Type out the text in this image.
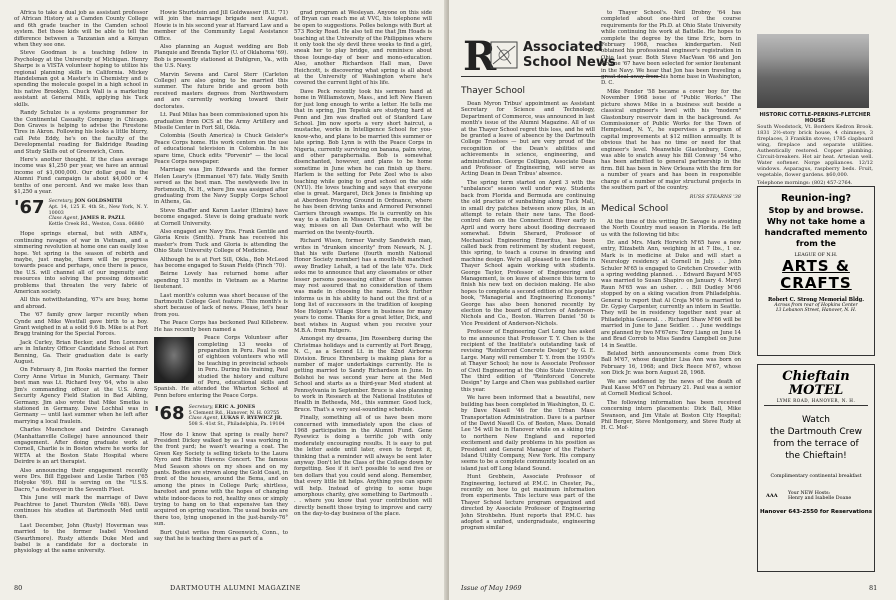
Africa to take a dual job as assistant professor of African History at a Camden County College and 6th grade teacher in the Camden school system. Bet those kids will be able to tell the difference between a Tanzanian and a Kenyan when they see one.

Steve Goodman is a teaching fellow in Psychology at the University of Michigan. Henry Sharpe is a VISTA volunteer hoping to utilize his regional planning skills in California. Mickey Handelsman got a Master's in Chemistry and is spending the molecule gospel in a high school in his native Brooklyn. Chuck Wall is a marketing assistant at General Mills, applying his Tuck skills.

Randy Schulze is a systems programmer for the Continental Casualty Company in Chicago. Don Graves is helping to advise the Firestone Tires in Akron. Following his looks a little blurry, call Pete Eddy, he's on the faculty of the Developmental reading for Baldridge Reading and Study Skills out of Greenwich, Conn.

Here's another thought. If the class average income was $1,250 per year, we have an annual income of $1,000,000. Our dollar goal in the Alumni Fund campaign is about $4,000 or 4 tenths of one percent. And we make less than $1,250 a year.

'67 Secretary, JON GOLDSMITH
Apt. 14, 125 E. 4th St., New York, N. Y. 10003
Class Agent, JAMES R. PAZLL
Kettle Creek Rd., Weston, Conn. 06880

Hope springs eternal, but with ABM's, continuing ravages of war in Vietnam, and a simmering revolution at home one can easily lose hope. Yet spring is the season of rebirth and maybe, just maybe, there will be progress towards peace and perhaps, once there is peace, the U.S. will channel all of our ingenuity and resources into solving the pressing domestic problems that threaten the very fabric of American society.

All this notwithstanding, '67's are busy, home and abroad.

The '67 family grew larger recently when Cynde and Mike Westfall gave birth to a boy. Grant weighed in at a solid 9.6 lb. Mike is at Fort Bragg training for the Special Forces.

Jack Curley, Brian Becker, and Ron Lorenzen are in Infantry Officer Candidate School at Fort Benning, Ga. Their graduation date is early August.

On February 8, Jim Rooks married the former Corry Anne Virtue in Munich, Germany. Their best man was Lt. Richard Ivey '64, who is also Jim's commanding officer at the U.S. Army Security Agency Field Station in Bad Aibling, Germany. Jim also wrote that Mike Smetka is stationed in Germany. Dave Lochhal was in Germany — until last summer when he left after marrying a local fraulein.

Charles Muenchow and Deirdre Cavanagh (Manhattanville College) have announced their engagement. After doing graduate work at Cornell, Charlie is in Boston where he works for WETA at the Boston State Hospital where Deirdre is an art therapist.

Also announcing their engagement recently were Drs. Bill Eggelsee and Leslie Tarbox ('65 Holyoke '69). Bill is serving on the "U.S.S. Dacro," a destroyer in the Seventh Fleet.

This June will mark the marriage of Dave Peachtree to Janet Thurston (Wells '68). Dave continues his studies at Dartmouth Med until then.

Last December, John (Rusty) Hoverman was married to the former Isabel Vreeland (Swarthmore). Rusty attends Duke Med and Isabel is a candidate for a doctorate in physiology at the same university.

Howie Shurtstein and Jill Goldwasser (B.U. '71) will join the marriage brigade next August. Howie is in his second year at Harvard Law and a member of the Community Legal Assistance Office.

Also planning an August wedding are Bob Planquie and Brenda Taylor (U. of Oklahoma '69). Bob is presently stationed at Duhlgren, Va., with the U.S. Navy.

Marvin Sevens and Carol Sterr (Carleton College) are also going to be married this summer. The future bride and groom both received masters degrees from Northwestern and are currently working toward their doctorates.

Lt. Paul Milas has been commissioned upon his graduation from OCS at the Army Artillery and Missile Center in Fort Sill, Okla.

Colombia (South America) is Chuck Geisler's Peace Corps home. His work centers on the use of educational television in Colombia. In his spare time, Chuck edits "Porvenir" — the local Peace Corps newspaper.

Marriage was Jim Edwards and the former Helen Leary's (Emmanuel '67) fate. Wally Smith served as the best man. The newlyweds live in Portsmouth, N. H., where Jim was assigned after graduating from the Navy Supply Corps School in Athens, Ga.

Steve Shaffer and Karen Laster (Elmira) have become engaged. Steve is doing graduate work at Cornell University.

Also engaged are Navy Ens. Frank Gentile and Gloria Kreis (Smith). Frank has received his master's from Tuck and Gloria is attending the Ohio State University College of Medicine.

Although he is at Fort Sill, Okla., Bob McLeod has become engaged to Susan Fields (Finch '70).

Beirne Lovely has returned home after spending 13 months in Vietnam as a Marine lieutenant.

Last month's column was short because of the Dartmouth College Gest feature. This month's is short because of lack of news. Please, let's hear from you.

The Peace Corps has beckoned Paul Killebrew. He has recently been named a

Peace Corps Volunteer after completing 13 weeks of preparation in Peru. Paul is one of eighteen volunteers who will be teaching in provincial schools in Peru. During his training, Paul studied the history and culture of Peru, educational skills and Spanish. He attended the Wharton School at Penn before entering the Peace Corps.

'68 Secretary, ERIC A. JONES
5 Clement Rd., Hanover, N. H. 03755
Class Agent, LUKAS F. RYEWICZ JR.
508 S. 41st St., Philadelphia, Pa. 19104

How do I know that spring is really here? President Dickey walked by as I was working in the front yard; he wasn't wearing a coat. The Green Key Society is selling tickets to the Laura Nyro and Richie Havens Concert. The famous Mud Season shows on my shoes and on my pants. Bodies are strewn along the Gold Coast, in front of the houses, around the Bema, and on among the pines in College Park; shirtless, barefoot and prone with the hopes of changing white indoor-faces to red, healthy ones or simply trying to hang on to that expensive tan they acquired on spring vacation. The usual books are there too, lying unopened in the just-barely-76° sun.

Burt Quist writes from Greenwich, Conn., to say that he is teaching there as part of a

grad program at Wesleyan. Anyone on this side of Bryan can reach me at VVC, his tolephone will be open to suggestions. Polles belongs with Burt at 573 Rocky Road. He also tell me that Jim Hoads is teaching at the University of the Philippines where it only took the sly devil three weeks to find a girl, sneak her to play bridge, and reminisce about those lounge-day of beer and mono-education. Also, another Richardson Hall man, Dave Heichcott, is discovering what spring is all about at the University of Washington where he's covered the current light of his life.

Dave Peck recently took his sermon hand at home in Williamstown, Mass., and left New Haven for just long enough to write a letter. He tells me that in spring, Jim Tepeluk are studying hard at Penn and Jim was drafted out of Stanford Law School. Jim now sports a very short haircut, a mustache, works in Intelligence School for you-know-who, and plans to be married this summer or late spring. Bob Lynn is with the Peace Corps in Nigeria, currently surviving on banana, palm wine, and other paraphernalia. Bob is somewhat disenchanted, however, and plans to be home sometime in June when he can finish up there. Harlem is the setting for Pete Zeel who is also teaching while going to grad school on the side (NYU). He loves teaching and says that everyone else is great. Margaret, Dick Jones is finishing up at Aberdeen Proving Ground in Ordnance, where he has been driving tanks and Armored Personnel Carriers through swamps. He is currently on his way to a station in Missouri. This month, by the way, misses on all Dan Osterhaut who will be married on the twenty-fourth.

Richard Wison, former Varsity Sandwich man, writes in "drunken sincerity" from Newark, N. J. that his wife Darlene (fourth month National Honor Society member) has a mouth-hit manched away Bradley Lehalt, a tad of the late '67s. Dick asks me to announce that any classmates or other lesser persons possessing either of these names may rest assured that no consideration of them was made in choosing the name. Dick further informs us in his ability to hand out the first of a long list of successors in the tradition of keeping Moe Holgen's Village Store in business for many years to come. Thanks for a great letter, Dick, and best wishes in August when you receive your M.B.A. from Rutgers.

Amongst my dreams, Jim Rosenberg during the Christmas holidays and is currently at Fort Bragg, N. C., as a Second Lt. in the 82nd Airborne Division. Bruce Ehrenberg is making plans for a number of major undertakings currently. He is getting married to Sandy Richardson in June. In Bolshoi he was second year here at the Med School and starts as a third-year Med student at Pennsylvania in September. Bruce is also planning to work in Research at the National Institutes of Health in Bethesda, Md., this summer. Good luck, Bruce. That's a very soul-sounding schedule.

Finally, something all of us have been more concerned with immediately upon the class of 1968 participation in the Alumni Fund. Gene Rysewicz is doing a terrific job with only moderately encouraging results. It is easy to put the letter aside until later, even to forget it, thinking that a reminder will always be sent later anyway. Don't let the Class of the College down by forgetting. See if it isn't possible to send five or ten dollars that you could send along. Remember, that every little bit helps. Anything you can spare will help. Instead of giving to some huge amorphous charity, give something to Dartmouth . . . where you know that your contribution will directly benefit those trying to improve and carry on the day-to-day business of the place.

80	DARTMOUTH ALUMNI MAGAZINE
R Associated
School News
Thayer School

Dean Myron Tribus' appointment as Assistant Secretary for Science and Technology, Department of Commerce, was announced in last month's issue of the Alumni Magazine. All of us at the Thayer School regret this loss, and he will be granted a leave of absence by the Dartmouth College Trustees — but are very proud of the recognition of the Dean's abilities and achievements in science, engineering, and administration. George Colligan, Associate Dean and Professor of Engineering, will serve as Acting Dean in Dean Tribus' absence.

The spring term started on April 3 with the "unbalance" season well under way. Students back from Florida and Bermuda are continuing the old practice of sunbathing along Tuck Mall, in small dry patches between snow piles, in an attempt to retain their new tans. The flood-control dam on the Connecticut River early in April and worry here about flooding decreased somewhat. Edwin Sherard, Professor of Mechanical Engineering Emeritus, has been called back from retirement by student request, this spring, to teach a course in drawing and machine design. We're all pleased to see Eddie in Thayer School again working with students. George Taylor, Professor of Engineering and Management, is on leave of absence this term to finish his new text on decision making. He also hopes to complete a second edition of his popular book, "Managerial and Engineering Economy." George has also been honored recently by election to the board of directors of Anderson-Nichols and Co., Boston. Warren Daniel '50 is Vice President of Anderson-Nichols.

Professor of Engineering Carl Long has asked to me announce that Professor T. Y. Chen is the recipient of the Institute's outstanding task of revising "Reinforced Concrete Design" by G. E. Large. Many will remember T. Y. from the 1950's at Thayer School; he now is Associate Professor of Civil Engineering at the Ohio State University. The third edition of "Reinforced Concrete Design" by Large and Chen was published earlier this year.

We have been informed that a beautiful, new building has been completed in Washington, D. C. by Dave Nasell '46 for the Urban Mass Transportation Administration. Dave is a partner of the David Nasell Co. of Boston, Mass. Donald Lee '54 will be in Hanover while on a skiing trip to northern New England and reported excitement and daily problems in his position as President and General Manager of the Fisher's Island Utility Company, New York. His company seems to be a complete community located on an island just off Long Island Sound.

Hunt Grebhein, Associate Professor of Engineering, lectured at P.M.C. in Chester, Pa., recently on how to get maximum information from experiments. This lecture was part of the Thayer School lecture program organized and directed by Associate Professor of Engineering John Strohbehn. Hunt reports that P.M.C. has adopted a unified, undergraduate, engineering program similar

to Thayer School's. Neil Drobny '64 has completed about one-third of the course requirements for the Ph.D. at Ohio State University while continuing his work at Battelle. He hopes to complete the degree by the time Eric, born in February 1968, reaches kindergarten. Neil obtained his professional engineer's registration in Ohio last year. Both Steve MacVean '66 and Jon Greene '67 have been selected for senior lieutenant in the Navy. We hear that Jon has been traveling a great deal away from his home base in Washington, D. C.

Mike Fender '58 became a cover boy for the November 1968 issue of "Public Works." The picture shows Mike in a business suit beside a classical engineer's level with his "modern" Glastonbury reservoir dam in the background. As Commissioner of Public Works for the Town of Hempstead, N. Y., he supervises a program of capital improvements at $12 million annually. It is obvious that he has no time or need for that engineer's level. Meanwhile Glastonbury, Conn., was able to snatch away his Bill Conway '54 who has been admitted to general partnership in the firm. Bill has been in New Orleans with the firm for a number of years and has been in responsible charge of a number of major structural projects in the southern part of the country.

RUSS STEARNS '38
Medical School

At the time of this writing Dr. Savage is avoiding the North Country mud season in Florida. He left us with the following tid bits:

Dr. and Mrs. Mark Horwich M'65 have a new entry, Elizabeth Ann, weighing in at 7 lbs., 1 oz. Mark is in medicine at Duke and will start a Neurology residency at Cornell in July. . . John Schuler M'65 is engaged to Gretchen Crowder with a spring wedding planned. . . Edward Bayard M'65 was married to Susan Shapiro on January 4. Meryl Raun M'65 was an usher. . . Bill Dudley M'66 stopped by on a skiing vacation from Philadelphia. General to report that Al Croja M'66 is married to Dr. Gypsy Carpenter, currently an intern in Seattle. They will be in residency together next year at Philadelphia General. . . Richard Shaw M'66 will be married in June to Jane Seidler. . . June weddings are planned by two M'67ers: Tony Liang on June 14 and Brad Corrob to Miss Sandra Campbell on June 14 in Seattle.

Belated birth announcements come from Dick Ball M'67, whose daughter Lisa Ann was born on February 16, 1968; and Dick Reece M'67, whose son Dick Jr. was born August 28, 1968.

We are saddened by the news of the death of Paul Kasse M'67 on February 21. Paul was a senior at Cornell Medical School.

The following information has been received concerning intern placements: Dick Ball, Mike Swanson, and Jim Vitale at Boston City Hospital; Phil Berger, Steve Montgomery, and Steve Rudy at H. C. Mof-

HISTORIC COTTLE-PERKINS-FLETCHER HOUSE
South Woodstock, Vt. Borders Kedron Brook. 1831 2½-story brick house, 4 chimneys, 3 fireplaces, 3 Franklin stoves; 1785 clapboard wing, fireplace and separate utilities. Authentically restored. Copper plumbing. Circuit-breakers. Hot air heat. Artesian well. Water softener. Norge appliances. 12/12 windows. Asparagus, raspberry beds. Fruit, vegetable, flower gardens. $60,000.
Telephone mornings: (802) 457-2764.
Reunion-ing?
Stop by and browse.
Why not take home a handcrafted memento from the
LEAGUE OF N.H.
ARTS & CRAFTS
Robert C. Strong Memorial Bldg.
Across from rear of Hopkins Center
13 Lebanon Street, Hanover, N. H.
Chieftain MOTEL
LYME ROAD, HANOVER, N. H.
Watch
the Dartmouth Crew
from the terrace of
the Chieftain!
Complimentary continental breakfast
Your NEW Hosts:
Henry and Isabelle Doane
AAA
Hanover 643-2550 for Reservations
Issue of May 1969	81
